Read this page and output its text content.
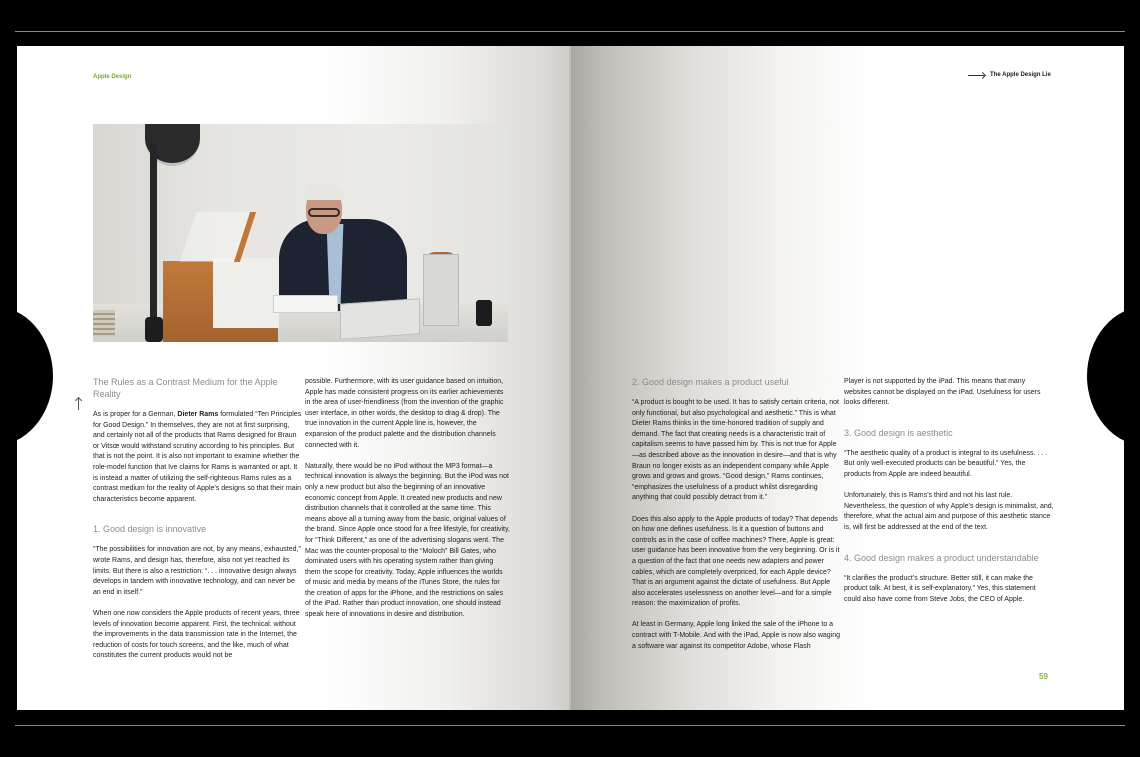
Apple Design	The Apple Design Lie
The Rules as a Contrast Medium for the Apple Reality

As is proper for a German, Dieter Rams formulated “Ten Principles for Good Design.” In themselves, they are not at first surprising, and certainly not all of the products that Rams designed for Braun or Vitsœ would withstand scrutiny according to his principles. But that is not the point. It is also not important to examine whether the role-model function that Ive claims for Rams is warranted or apt. It is instead a matter of utilizing the self-righteous Rams rules as a contrast medium for the reality of Apple’s designs so that their main characteristics become apparent.

1. Good design is innovative

“The possibilities for innovation are not, by any means, exhausted,” wrote Rams, and design has, therefore, also not yet reached its limits. But there is also a restriction: “. . . innovative design always develops in tandem with innovative technology, and can never be an end in itself.”

When one now considers the Apple products of recent years, three levels of innovation become apparent. First, the technical: without the improvements in the data transmission rate in the Internet, the reduction of costs for touch screens, and the like, much of what constitutes the current products would not be

possible. Furthermore, with its user guidance based on intuition, Apple has made consistent progress on its earlier achievements in the area of user-friendliness (from the invention of the graphic user interface, in other words, the desktop to drag & drop). The true innovation in the current Apple line is, however, the expansion of the product palette and the distribution channels connected with it.

Naturally, there would be no iPod without the MP3 format—a technical innovation is always the beginning. But the iPod was not only a new product but also the beginning of an innovative economic concept from Apple. It created new products and new distribution channels that it controlled at the same time. This means above all a turning away from the basic, original values of the brand. Since Apple once stood for a free lifestyle, for creativity, for “Think Different,” as one of the advertising slogans went. The Mac was the counter-proposal to the “Moloch” Bill Gates, who dominated users with his operating system rather than giving them the scope for creativity. Today, Apple influences the worlds of music and media by means of the iTunes Store, the rules for the creation of apps for the iPhone, and the restrictions on sales of the iPad. Rather than product innovation, one should instead speak here of innovations in desire and distribution.

2. Good design makes a product useful

“A product is bought to be used. It has to satisfy certain criteria, not only functional, but also psychological and aesthetic.” This is what Dieter Rams thinks in the time-honored tradition of supply and demand. The fact that creating needs is a characteristic trait of capitalism seems to have passed him by. This is not true for Apple—as described above as the innovation in desire—and that is why Braun no longer exists as an independent company while Apple grows and grows and grows. “Good design,” Rams continues, “emphasizes the usefulness of a product whilst disregarding anything that could possibly detract from it.”

Does this also apply to the Apple products of today? That depends on how one defines usefulness. Is it a question of buttons and controls as in the case of coffee machines? There, Apple is great: user guidance has been innovative from the very beginning. Or is it a question of the fact that one needs new adapters and power cables, which are completely overpriced, for each Apple device? That is an argument against the dictate of usefulness. But Apple also accelerates uselessness on another level—and for a simple reason: the maximization of profits.

At least in Germany, Apple long linked the sale of the iPhone to a contract with T-Mobile. And with the iPad, Apple is now also waging a software war against its competitor Adobe, whose Flash

Player is not supported by the iPad. This means that many websites cannot be displayed on the iPad. Usefulness for users looks different.

3. Good design is aesthetic

“The aesthetic quality of a product is integral to its usefulness. . . . But only well-executed products can be beautiful.” Yes, the products from Apple are indeed beautiful.

Unfortunately, this is Rams’s third and not his last rule. Nevertheless, the question of why Apple’s design is minimalist, and, therefore, what the actual aim and purpose of this aesthetic stance is, will first be addressed at the end of the text.

4. Good design makes a product understandable

“It clarifies the product’s structure. Better still, it can make the product talk. At best, it is self-explanatory.” Yes, this statement could also have come from Steve Jobs, the CEO of Apple.

59
